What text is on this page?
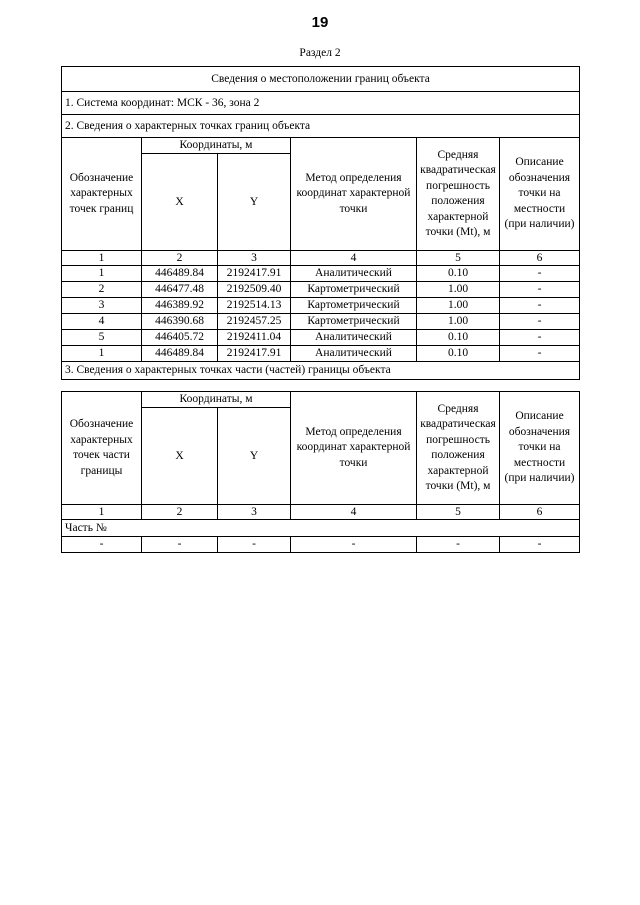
19
Раздел 2
Сведения о местоположении границ объекта					
1. Система координат: МСК - 36, зона 2					
2. Сведения о характерных точках границ объекта					
Обозначение характерных точек границ	Координаты, м		Метод определения координат характерной точки	Средняя квадратическая погрешность положения характерной точки (Mt), м	Описание обозначения точки на местности (при наличии)
	X	Y			
1	2	3	4	5	6
1	446489.84	2192417.91	Аналитический	0.10	-
2	446477.48	2192509.40	Картометрический	1.00	-
3	446389.92	2192514.13	Картометрический	1.00	-
4	446390.68	2192457.25	Картометрический	1.00	-
5	446405.72	2192411.04	Аналитический	0.10	-
1	446489.84	2192417.91	Аналитический	0.10	-
3. Сведения о характерных точках части (частей) границы объекта					
Обозначение характерных точек части границы	Координаты, м		Метод определения координат характерной точки	Средняя квадратическая погрешность положения характерной точки (Mt), м	Описание обозначения точки на местности (при наличии)
	X	Y			
1	2	3	4	5	6
Часть №					
-	-	-	-	-	-
